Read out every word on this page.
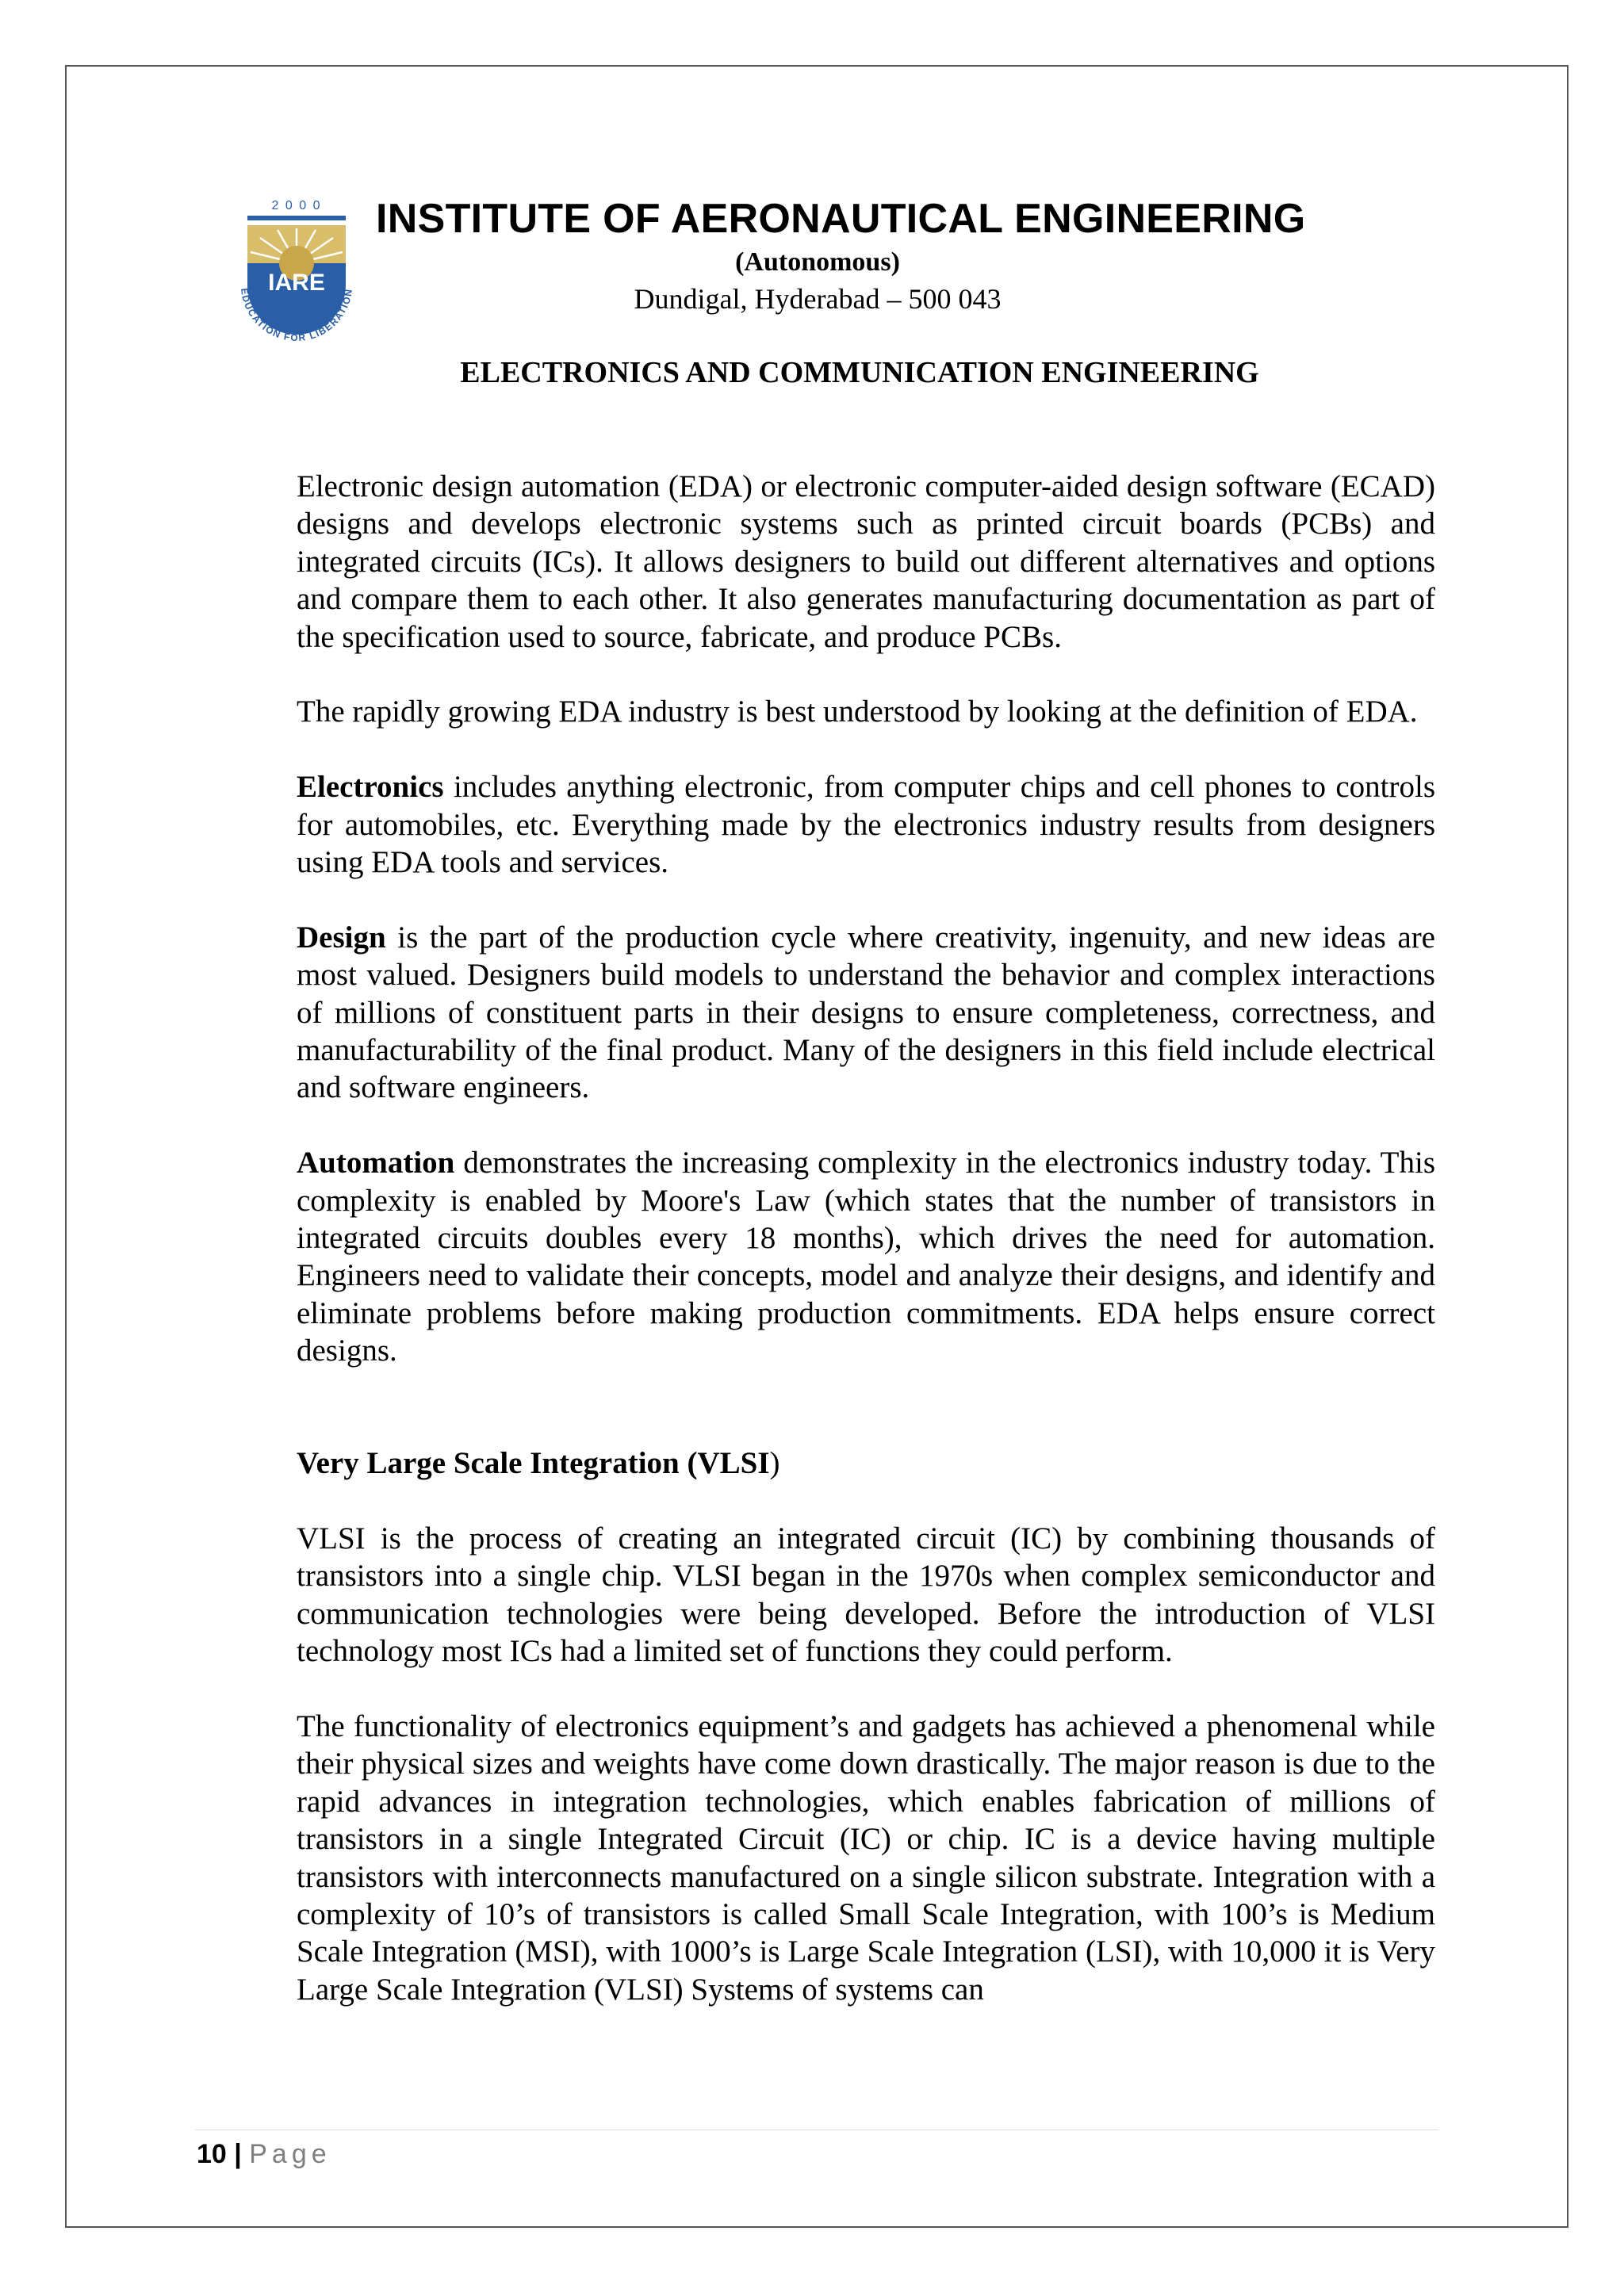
2 0 0 0
IARE
EDUCATION FOR LIBERATION
INSTITUTE OF AERONAUTICAL ENGINEERING
(Autonomous)
Dundigal, Hyderabad – 500 043
ELECTRONICS AND COMMUNICATION ENGINEERING

Electronic design automation (EDA) or electronic computer-aided design software (ECAD) designs and develops electronic systems such as printed circuit boards (PCBs) and integrated circuits (ICs). It allows designers to build out different alternatives and options and compare them to each other. It also generates manufacturing documentation as part of the specification used to source, fabricate, and produce PCBs.

The rapidly growing EDA industry is best understood by looking at the definition of EDA.

Electronics includes anything electronic, from computer chips and cell phones to controls for automobiles, etc. Everything made by the electronics industry results from designers using EDA tools and services.

Design is the part of the production cycle where creativity, ingenuity, and new ideas are most valued. Designers build models to understand the behavior and complex interactions of millions of constituent parts in their designs to ensure completeness, correctness, and manufacturability of the final product. Many of the designers in this field include electrical and software engineers.

Automation demonstrates the increasing complexity in the electronics industry today. This complexity is enabled by Moore's Law (which states that the number of transistors in integrated circuits doubles every 18 months), which drives the need for automation. Engineers need to validate their concepts, model and analyze their designs, and identify and eliminate problems before making production commitments. EDA helps ensure correct designs.

Very Large Scale Integration (VLSI)

VLSI is the process of creating an integrated circuit (IC) by combining thousands of transistors into a single chip. VLSI began in the 1970s when complex semiconductor and communication technologies were being developed. Before the introduction of VLSI technology most ICs had a limited set of functions they could perform.

The functionality of electronics equipment’s and gadgets has achieved a phenomenal while their physical sizes and weights have come down drastically. The major reason is due to the rapid advances in integration technologies, which enables fabrication of millions of transistors in a single Integrated Circuit (IC) or chip. IC is a device having multiple transistors with interconnects manufactured on a single silicon substrate. Integration with a complexity of 10’s of transistors is called Small Scale Integration, with 100’s is Medium Scale Integration (MSI), with 1000’s is Large Scale Integration (LSI), with 10,000 it is Very Large Scale Integration (VLSI) Systems of systems can

10 | Page
